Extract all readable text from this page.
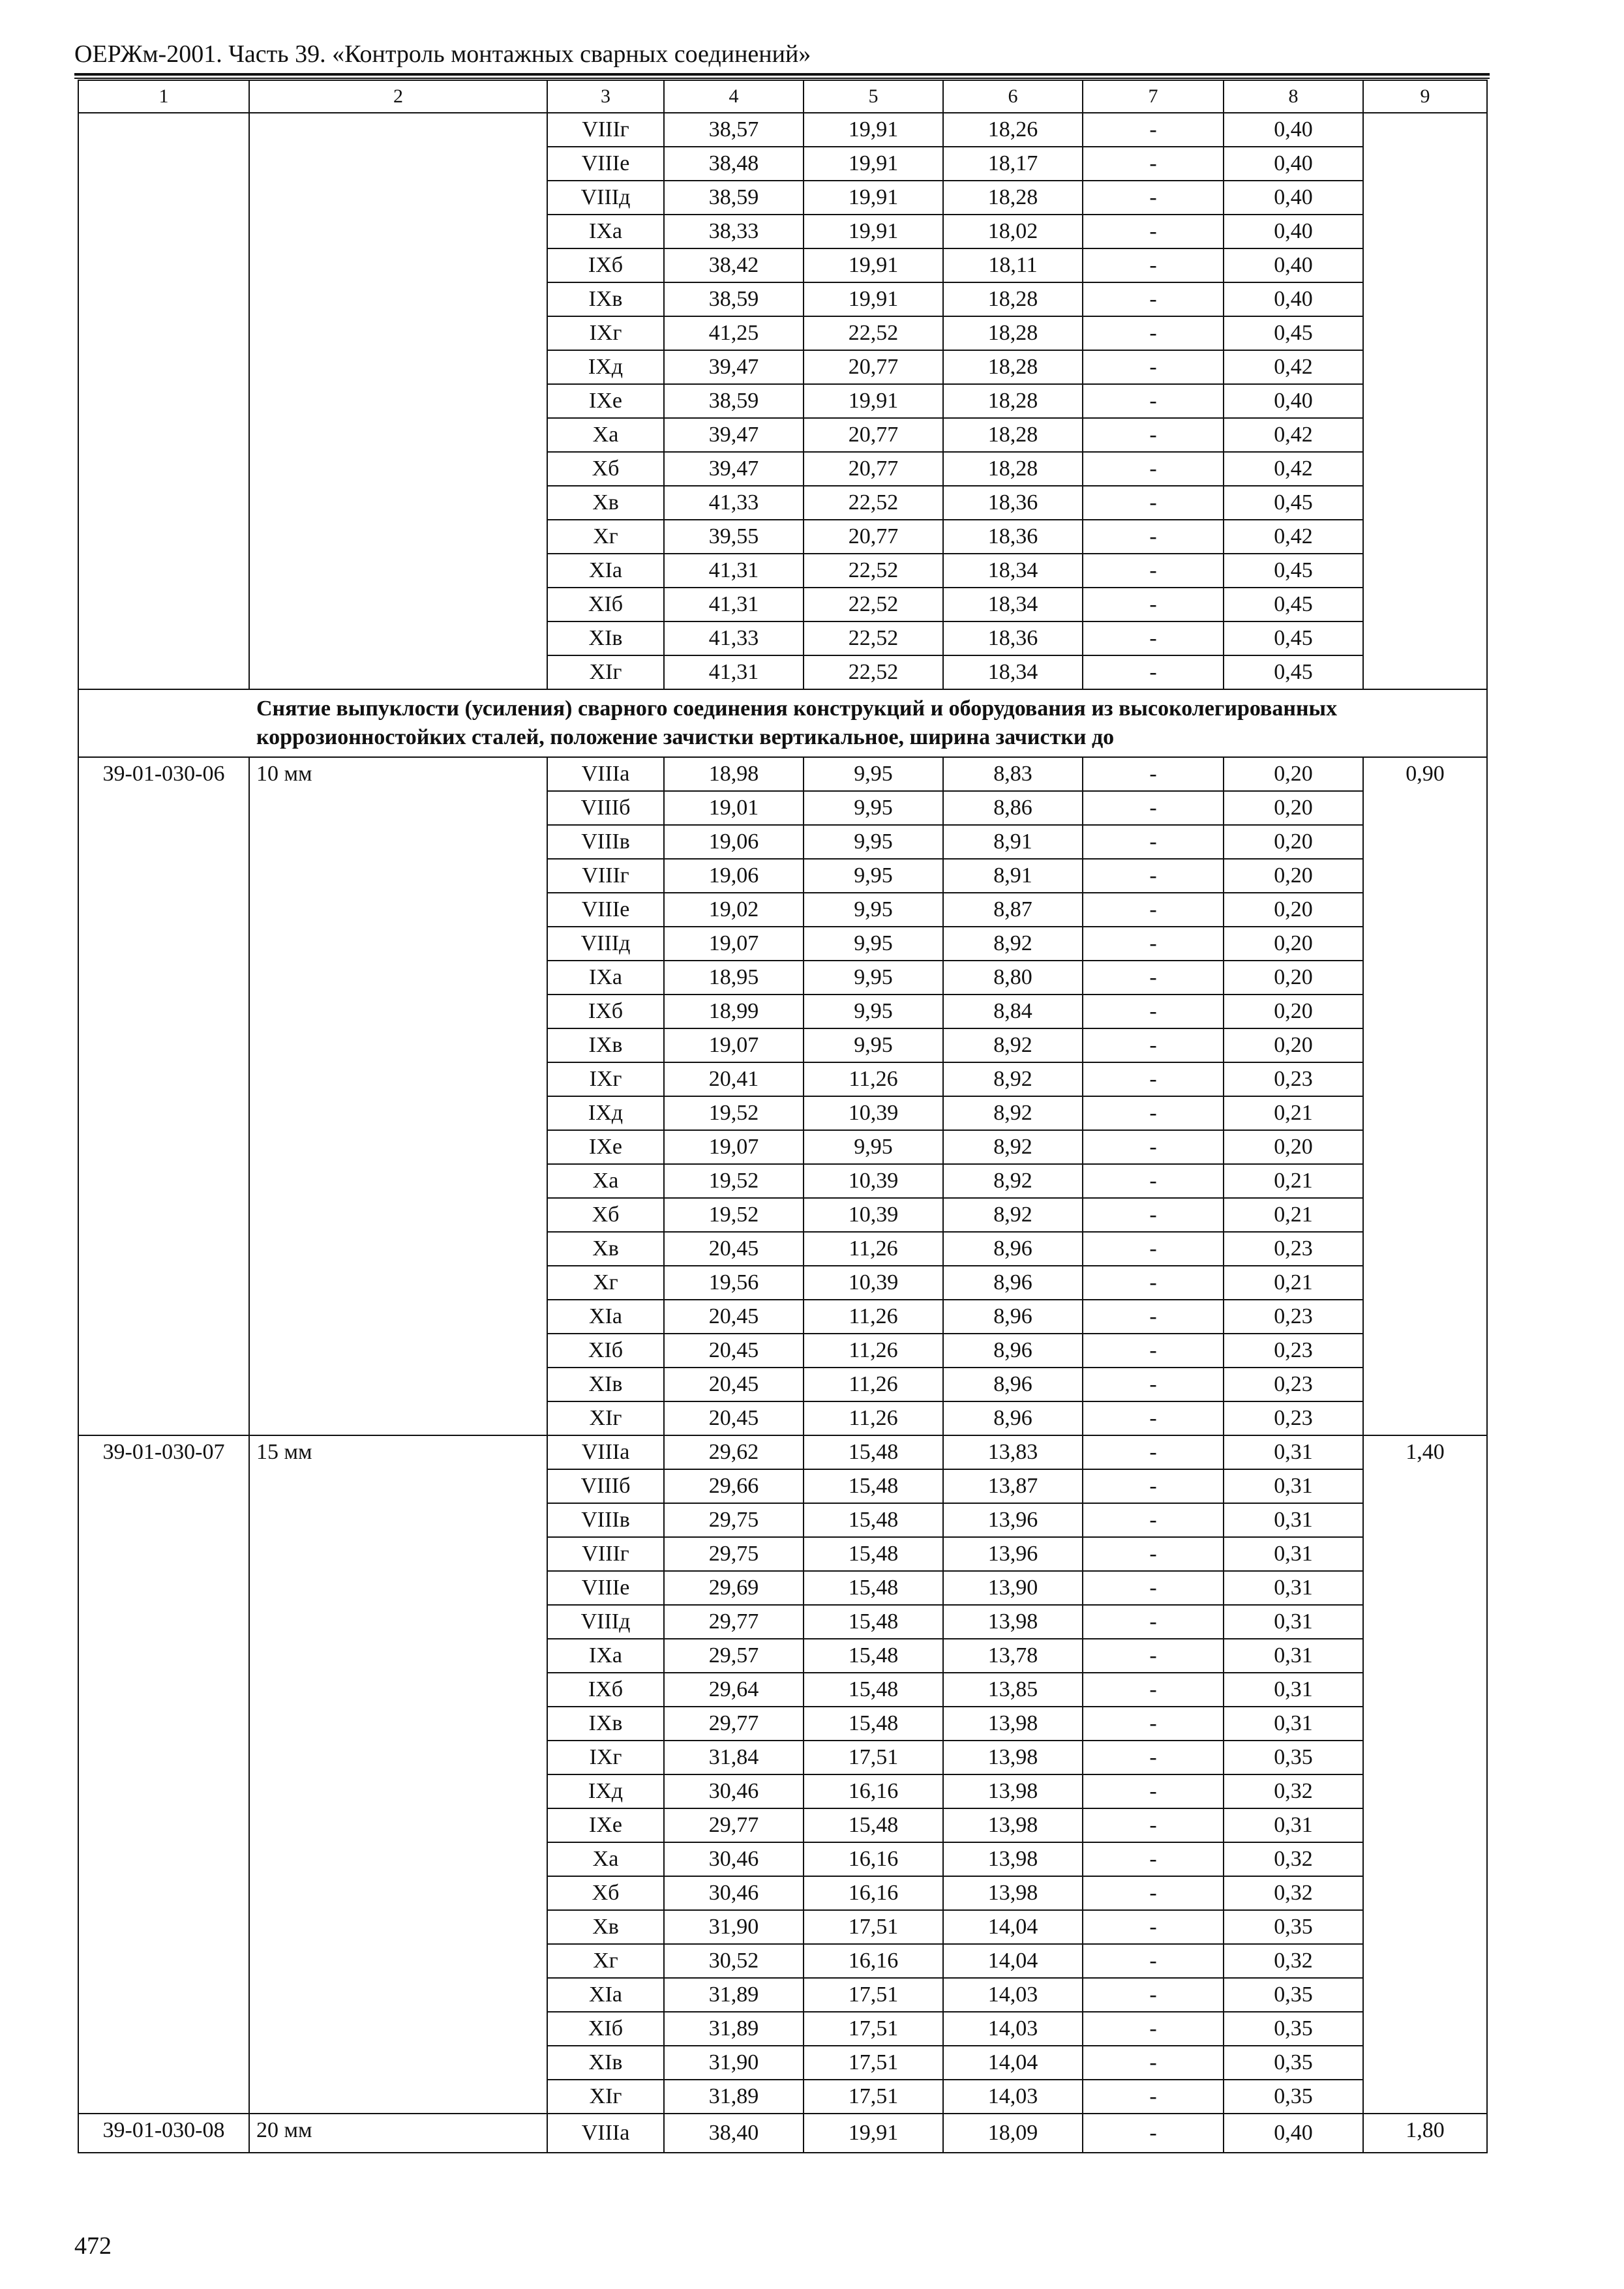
ОЕРЖм-2001. Часть 39. «Контроль монтажных сварных соединений»
1	2	3	4	5	6	7	8	9
		VIIIг	38,57	19,91	18,26	-	0,40	
		VIIIе	38,48	19,91	18,17	-	0,40	
		VIIIд	38,59	19,91	18,28	-	0,40	
		IXа	38,33	19,91	18,02	-	0,40	
		IXб	38,42	19,91	18,11	-	0,40	
		IXв	38,59	19,91	18,28	-	0,40	
		IXг	41,25	22,52	18,28	-	0,45	
		IXд	39,47	20,77	18,28	-	0,42	
		IXе	38,59	19,91	18,28	-	0,40	
		Xа	39,47	20,77	18,28	-	0,42	
		Xб	39,47	20,77	18,28	-	0,42	
		Xв	41,33	22,52	18,36	-	0,45	
		Xг	39,55	20,77	18,36	-	0,42	
		XIа	41,31	22,52	18,34	-	0,45	
		XIб	41,31	22,52	18,34	-	0,45	
		XIв	41,33	22,52	18,36	-	0,45	
		XIг	41,31	22,52	18,34	-	0,45	
Снятие выпуклости (усиления) сварного соединения конструкций и оборудования из высоколегированных коррозионностойких сталей, положение зачистки вертикальное, ширина зачистки до								
39-01-030-06	10 мм	VIIIа	18,98	9,95	8,83	-	0,20	0,90
		VIIIб	19,01	9,95	8,86	-	0,20	
		VIIIв	19,06	9,95	8,91	-	0,20	
		VIIIг	19,06	9,95	8,91	-	0,20	
		VIIIе	19,02	9,95	8,87	-	0,20	
		VIIIд	19,07	9,95	8,92	-	0,20	
		IXа	18,95	9,95	8,80	-	0,20	
		IXб	18,99	9,95	8,84	-	0,20	
		IXв	19,07	9,95	8,92	-	0,20	
		IXг	20,41	11,26	8,92	-	0,23	
		IXд	19,52	10,39	8,92	-	0,21	
		IXе	19,07	9,95	8,92	-	0,20	
		Xа	19,52	10,39	8,92	-	0,21	
		Xб	19,52	10,39	8,92	-	0,21	
		Xв	20,45	11,26	8,96	-	0,23	
		Xг	19,56	10,39	8,96	-	0,21	
		XIа	20,45	11,26	8,96	-	0,23	
		XIб	20,45	11,26	8,96	-	0,23	
		XIв	20,45	11,26	8,96	-	0,23	
		XIг	20,45	11,26	8,96	-	0,23	
39-01-030-07	15 мм	VIIIа	29,62	15,48	13,83	-	0,31	1,40
		VIIIб	29,66	15,48	13,87	-	0,31	
		VIIIв	29,75	15,48	13,96	-	0,31	
		VIIIг	29,75	15,48	13,96	-	0,31	
		VIIIе	29,69	15,48	13,90	-	0,31	
		VIIIд	29,77	15,48	13,98	-	0,31	
		IXа	29,57	15,48	13,78	-	0,31	
		IXб	29,64	15,48	13,85	-	0,31	
		IXв	29,77	15,48	13,98	-	0,31	
		IXг	31,84	17,51	13,98	-	0,35	
		IXд	30,46	16,16	13,98	-	0,32	
		IXе	29,77	15,48	13,98	-	0,31	
		Xа	30,46	16,16	13,98	-	0,32	
		Xб	30,46	16,16	13,98	-	0,32	
		Xв	31,90	17,51	14,04	-	0,35	
		Xг	30,52	16,16	14,04	-	0,32	
		XIа	31,89	17,51	14,03	-	0,35	
		XIб	31,89	17,51	14,03	-	0,35	
		XIв	31,90	17,51	14,04	-	0,35	
		XIг	31,89	17,51	14,03	-	0,35	
39-01-030-08	20 мм	VIIIа	38,40	19,91	18,09	-	0,40	1,80
472
